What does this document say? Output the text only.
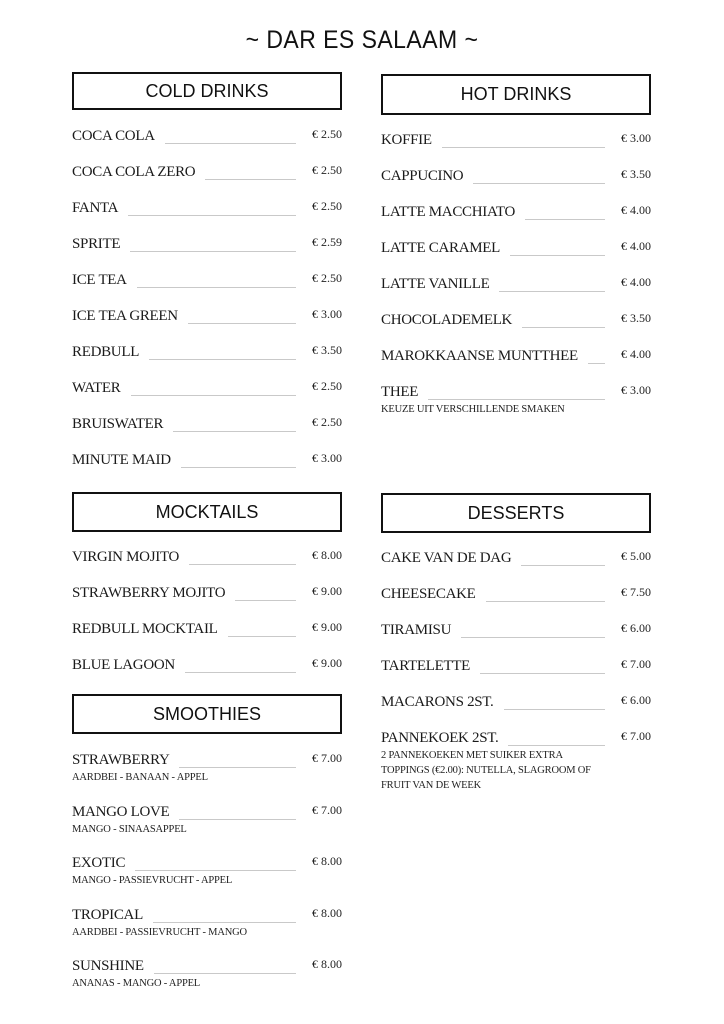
~ DAR ES SALAAM ~
COLD DRINKS
COCA COLA	€ 2.50
COCA COLA ZERO	€ 2.50
FANTA	€ 2.50
SPRITE	€ 2.59
ICE TEA	€ 2.50
ICE TEA GREEN	€ 3.00
REDBULL	€ 3.50
WATER	€ 2.50
BRUISWATER	€ 2.50
MINUTE MAID	€ 3.00
HOT DRINKS
KOFFIE	€ 3.00
CAPPUCINO	€ 3.50
LATTE MACCHIATO	€ 4.00
LATTE CARAMEL	€ 4.00
LATTE VANILLE	€ 4.00
CHOCOLADEMELK	€ 3.50
MAROKKAANSE MUNTTHEE	€ 4.00
THEE	€ 3.00
KEUZE UIT VERSCHILLENDE SMAKEN
MOCKTAILS
VIRGIN MOJITO	€ 8.00
STRAWBERRY MOJITO	€ 9.00
REDBULL MOCKTAIL	€ 9.00
BLUE LAGOON	€ 9.00
DESSERTS
CAKE VAN DE DAG	€ 5.00
CHEESECAKE	€ 7.50
TIRAMISU	€ 6.00
TARTELETTE	€ 7.00
MACARONS 2ST.	€ 6.00
PANNEKOEK 2ST.	€ 7.00
2 PANNEKOEKEN MET SUIKER EXTRA TOPPINGS (€2.00): NUTELLA, SLAGROOM OF FRUIT VAN DE WEEK
SMOOTHIES
STRAWBERRY	€ 7.00
AARDBEI - BANAAN - APPEL
MANGO LOVE	€ 7.00
MANGO - SINAASAPPEL
EXOTIC	€ 8.00
MANGO - PASSIEVRUCHT - APPEL
TROPICAL	€ 8.00
AARDBEI - PASSIEVRUCHT - MANGO
SUNSHINE	€ 8.00
ANANAS - MANGO - APPEL
